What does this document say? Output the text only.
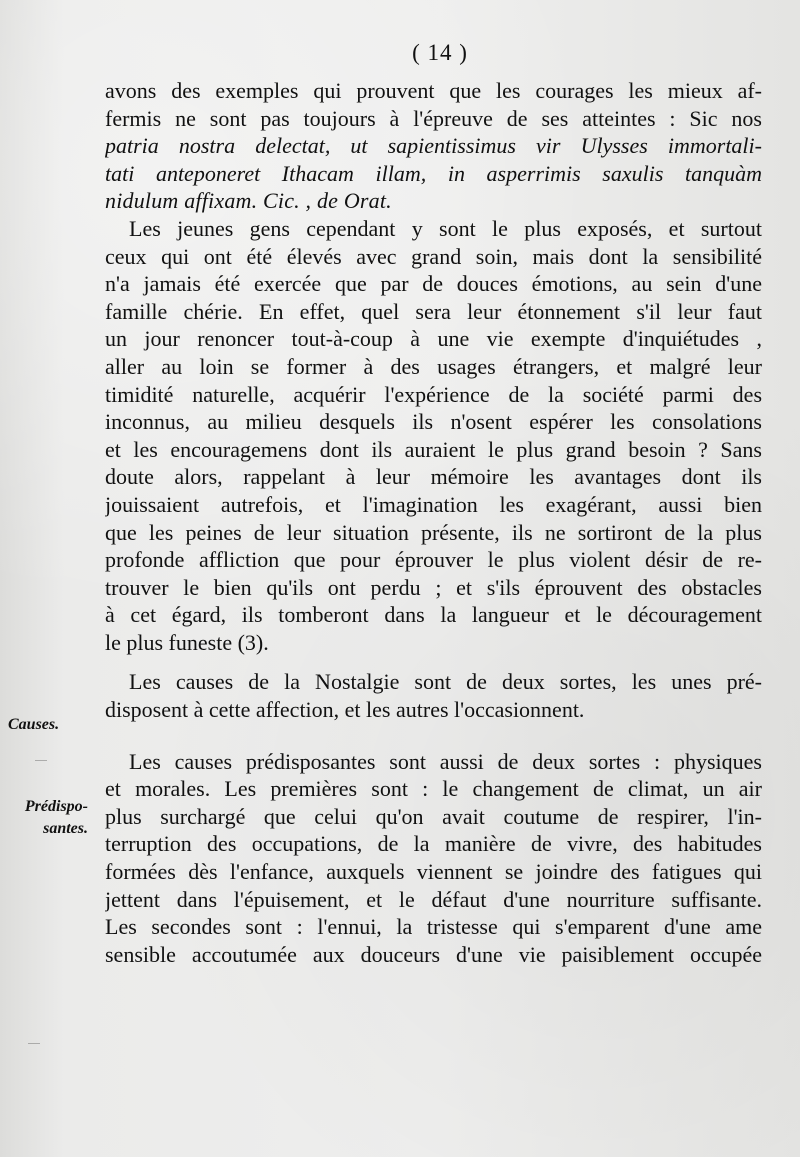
( 14 )
avons des exemples qui prouvent que les courages les mieux af-
fermis ne sont pas toujours à l'épreuve de ses atteintes : Sic nos
patria nostra delectat, ut sapientissimus vir Ulysses immortali-
tati anteponeret Ithacam illam, in asperrimis saxulis tanquàm
nidulum affixam. Cic. , de Orat.
Les jeunes gens cependant y sont le plus exposés, et surtout
ceux qui ont été élevés avec grand soin, mais dont la sensibilité
n'a jamais été exercée que par de douces émotions, au sein d'une
famille chérie. En effet, quel sera leur étonnement s'il leur faut
un jour renoncer tout-à-coup à une vie exempte d'inquiétudes ,
aller au loin se former à des usages étrangers, et malgré leur
timidité naturelle, acquérir l'expérience de la société parmi des
inconnus, au milieu desquels ils n'osent espérer les consolations
et les encouragemens dont ils auraient le plus grand besoin ? Sans
doute alors, rappelant à leur mémoire les avantages dont ils
jouissaient autrefois, et l'imagination les exagérant, aussi bien
que les peines de leur situation présente, ils ne sortiront de la plus
profonde affliction que pour éprouver le plus violent désir de re-
trouver le bien qu'ils ont perdu ; et s'ils éprouvent des obstacles
à cet égard, ils tomberont dans la langueur et le découragement
le plus funeste (3).
Les causes de la Nostalgie sont de deux sortes, les unes pré-
disposent à cette affection, et les autres l'occasionnent.
Les causes prédisposantes sont aussi de deux sortes : physiques
et morales. Les premières sont : le changement de climat, un air
plus surchargé que celui qu'on avait coutume de respirer, l'in-
terruption des occupations, de la manière de vivre, des habitudes
formées dès l'enfance, auxquels viennent se joindre des fatigues qui
jettent dans l'épuisement, et le défaut d'une nourriture suffisante.
Les secondes sont : l'ennui, la tristesse qui s'emparent d'une ame
sensible accoutumée aux douceurs d'une vie paisiblement occupée
Causes.
Prédispo-
santes.
